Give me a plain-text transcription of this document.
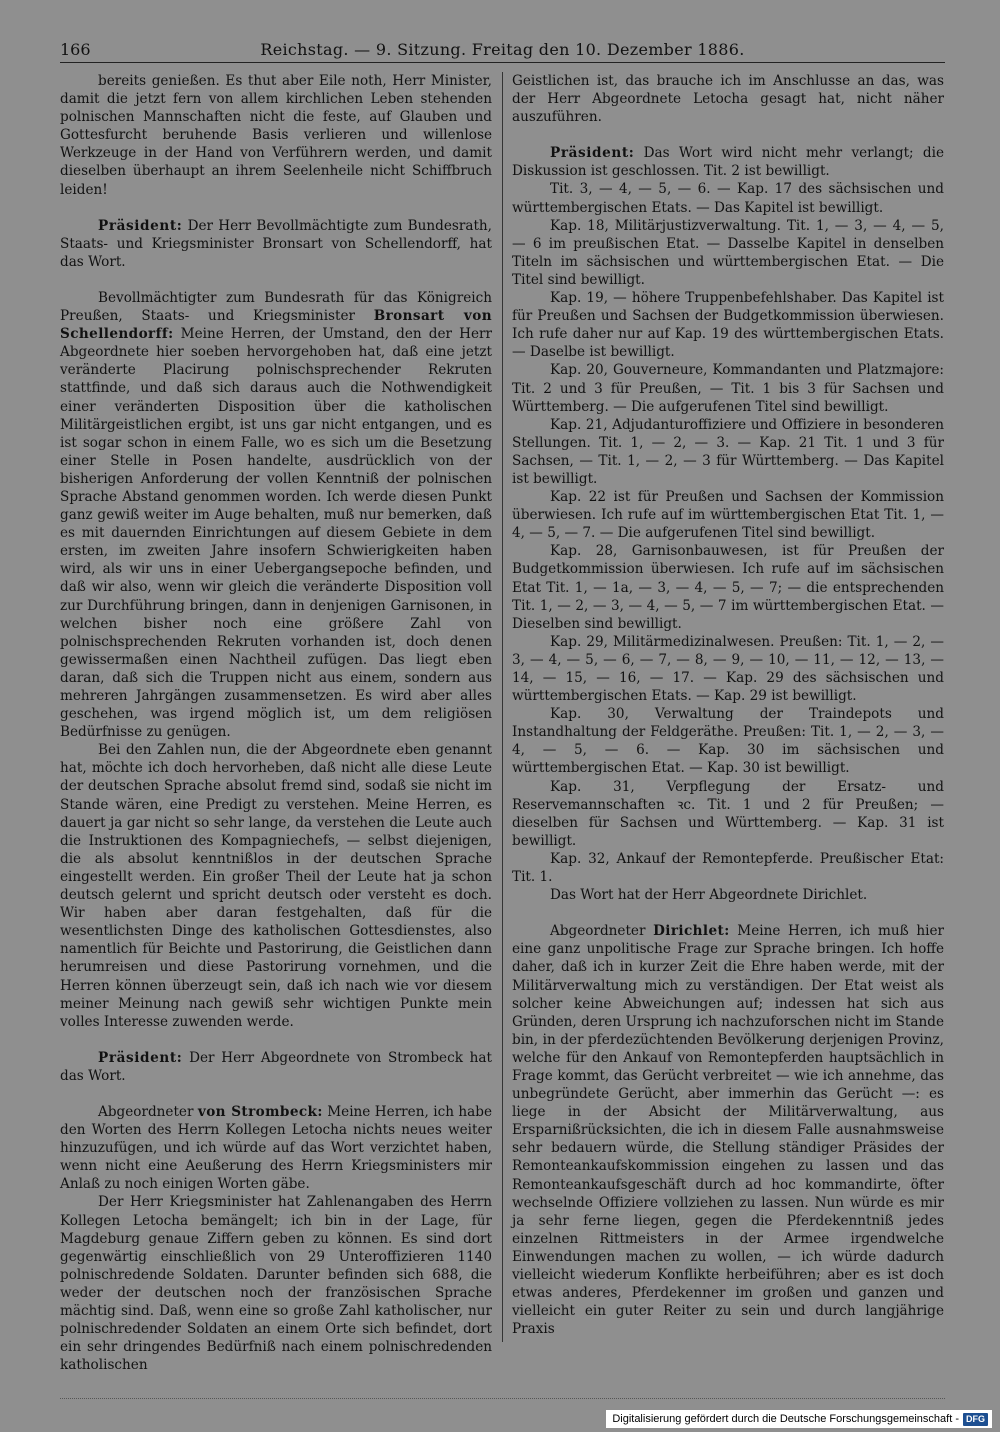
166	Reichstag. — 9. Sitzung. Freitag den 10. Dezember 1886.

bereits genießen. Es thut aber Eile noth, Herr Minister, damit die jetzt fern von allem kirchlichen Leben stehenden polnischen Mannschaften nicht die feste, auf Glauben und Gottesfurcht beruhende Basis verlieren und willenlose Werkzeuge in der Hand von Verführern werden, und damit dieselben überhaupt an ihrem Seelenheile nicht Schiffbruch leiden!

Präsident: Der Herr Bevollmächtigte zum Bundesrath, Staats- und Kriegsminister Bronsart von Schellendorff, hat das Wort.

Bevollmächtigter zum Bundesrath für das Königreich Preußen, Staats- und Kriegsminister Bronsart von Schellendorff: Meine Herren, der Umstand, den der Herr Abgeordnete hier soeben hervorgehoben hat, daß eine jetzt veränderte Placirung polnischsprechender Rekruten stattfinde, und daß sich daraus auch die Nothwendigkeit einer veränderten Disposition über die katholischen Militärgeistlichen ergibt, ist uns gar nicht entgangen, und es ist sogar schon in einem Falle, wo es sich um die Besetzung einer Stelle in Posen handelte, ausdrücklich von der bisherigen Anforderung der vollen Kenntniß der polnischen Sprache Abstand genommen worden. Ich werde diesen Punkt ganz gewiß weiter im Auge behalten, muß nur bemerken, daß es mit dauernden Einrichtungen auf diesem Gebiete in dem ersten, im zweiten Jahre insofern Schwierigkeiten haben wird, als wir uns in einer Uebergangsepoche befinden, und daß wir also, wenn wir gleich die veränderte Disposition voll zur Durchführung bringen, dann in denjenigen Garnisonen, in welchen bisher noch eine größere Zahl von polnischsprechenden Rekruten vorhanden ist, doch denen gewissermaßen einen Nachtheil zufügen. Das liegt eben daran, daß sich die Truppen nicht aus einem, sondern aus mehreren Jahrgängen zusammensetzen. Es wird aber alles geschehen, was irgend möglich ist, um dem religiösen Bedürfnisse zu genügen.

Bei den Zahlen nun, die der Abgeordnete eben genannt hat, möchte ich doch hervorheben, daß nicht alle diese Leute der deutschen Sprache absolut fremd sind, sodaß sie nicht im Stande wären, eine Predigt zu verstehen. Meine Herren, es dauert ja gar nicht so sehr lange, da verstehen die Leute auch die Instruktionen des Kompagniechefs, — selbst diejenigen, die als absolut kenntnißlos in der deutschen Sprache eingestellt werden. Ein großer Theil der Leute hat ja schon deutsch gelernt und spricht deutsch oder versteht es doch. Wir haben aber daran festgehalten, daß für die wesentlichsten Dinge des katholischen Gottesdienstes, also namentlich für Beichte und Pastorirung, die Geistlichen dann herumreisen und diese Pastorirung vornehmen, und die Herren können überzeugt sein, daß ich nach wie vor diesem meiner Meinung nach gewiß sehr wichtigen Punkte mein volles Interesse zuwenden werde.

Präsident: Der Herr Abgeordnete von Strombeck hat das Wort.

Abgeordneter von Strombeck: Meine Herren, ich habe den Worten des Herrn Kollegen Letocha nichts neues weiter hinzuzufügen, und ich würde auf das Wort verzichtet haben, wenn nicht eine Aeußerung des Herrn Kriegsministers mir Anlaß zu noch einigen Worten gäbe.

Der Herr Kriegsminister hat Zahlenangaben des Herrn Kollegen Letocha bemängelt; ich bin in der Lage, für Magdeburg genaue Ziffern geben zu können. Es sind dort gegenwärtig einschließlich von 29 Unteroffizieren 1140 polnischredende Soldaten. Darunter befinden sich 688, die weder der deutschen noch der französischen Sprache mächtig sind. Daß, wenn eine so große Zahl katholischer, nur polnischredender Soldaten an einem Orte sich befindet, dort ein sehr dringendes Bedürfniß nach einem polnischredenden katholischen

Geistlichen ist, das brauche ich im Anschlusse an das, was der Herr Abgeordnete Letocha gesagt hat, nicht näher auszuführen.

Präsident: Das Wort wird nicht mehr verlangt; die Diskussion ist geschlossen. Tit. 2 ist bewilligt.

Tit. 3, — 4, — 5, — 6. — Kap. 17 des sächsischen und württembergischen Etats. — Das Kapitel ist bewilligt.

Kap. 18, Militärjustizverwaltung. Tit. 1, — 3, — 4, — 5, — 6 im preußischen Etat. — Dasselbe Kapitel in denselben Titeln im sächsischen und württembergischen Etat. — Die Titel sind bewilligt.

Kap. 19, — höhere Truppenbefehlshaber. Das Kapitel ist für Preußen und Sachsen der Budgetkommission überwiesen. Ich rufe daher nur auf Kap. 19 des württembergischen Etats. — Daselbe ist bewilligt.

Kap. 20, Gouverneure, Kommandanten und Platzmajore: Tit. 2 und 3 für Preußen, — Tit. 1 bis 3 für Sachsen und Württemberg. — Die aufgerufenen Titel sind bewilligt.

Kap. 21, Adjudanturoffiziere und Offiziere in besonderen Stellungen. Tit. 1, — 2, — 3. — Kap. 21 Tit. 1 und 3 für Sachsen, — Tit. 1, — 2, — 3 für Württemberg. — Das Kapitel ist bewilligt.

Kap. 22 ist für Preußen und Sachsen der Kommission überwiesen. Ich rufe auf im württembergischen Etat Tit. 1, — 4, — 5, — 7. — Die aufgerufenen Titel sind bewilligt.

Kap. 28, Garnisonbauwesen, ist für Preußen der Budgetkommission überwiesen. Ich rufe auf im sächsischen Etat Tit. 1, — 1a, — 3, — 4, — 5, — 7; — die entsprechenden Tit. 1, — 2, — 3, — 4, — 5, — 7 im württembergischen Etat. — Dieselben sind bewilligt.

Kap. 29, Militärmedizinalwesen. Preußen: Tit. 1, — 2, — 3, — 4, — 5, — 6, — 7, — 8, — 9, — 10, — 11, — 12, — 13, — 14, — 15, — 16, — 17. — Kap. 29 des sächsischen und württembergischen Etats. — Kap. 29 ist bewilligt.

Kap. 30, Verwaltung der Traindepots und Instandhaltung der Feldgeräthe. Preußen: Tit. 1, — 2, — 3, — 4, — 5, — 6. — Kap. 30 im sächsischen und württembergischen Etat. — Kap. 30 ist bewilligt.

Kap. 31, Verpflegung der Ersatz- und Reservemannschaften ꝛc. Tit. 1 und 2 für Preußen; — dieselben für Sachsen und Württemberg. — Kap. 31 ist bewilligt.

Kap. 32, Ankauf der Remontepferde. Preußischer Etat: Tit. 1.

Das Wort hat der Herr Abgeordnete Dirichlet.

Abgeordneter Dirichlet: Meine Herren, ich muß hier eine ganz unpolitische Frage zur Sprache bringen. Ich hoffe daher, daß ich in kurzer Zeit die Ehre haben werde, mit der Militärverwaltung mich zu verständigen. Der Etat weist als solcher keine Abweichungen auf; indessen hat sich aus Gründen, deren Ursprung ich nachzuforschen nicht im Stande bin, in der pferdezüchtenden Bevölkerung derjenigen Provinz, welche für den Ankauf von Remontepferden hauptsächlich in Frage kommt, das Gerücht verbreitet — wie ich annehme, das unbegründete Gerücht, aber immerhin das Gerücht —: es liege in der Absicht der Militärverwaltung, aus Ersparnißrücksichten, die ich in diesem Falle ausnahmsweise sehr bedauern würde, die Stellung ständiger Präsides der Remonteankaufskommission eingehen zu lassen und das Remonteankaufsgeschäft durch ad hoc kommandirte, öfter wechselnde Offiziere vollziehen zu lassen. Nun würde es mir ja sehr ferne liegen, gegen die Pferdekenntniß jedes einzelnen Rittmeisters in der Armee irgendwelche Einwendungen machen zu wollen, — ich würde dadurch vielleicht wiederum Konflikte herbeiführen; aber es ist doch etwas anderes, Pferdekenner im großen und ganzen und vielleicht ein guter Reiter zu sein und durch langjährige Praxis

Digitalisierung gefördert durch die Deutsche Forschungsgemeinschaft - DFG
